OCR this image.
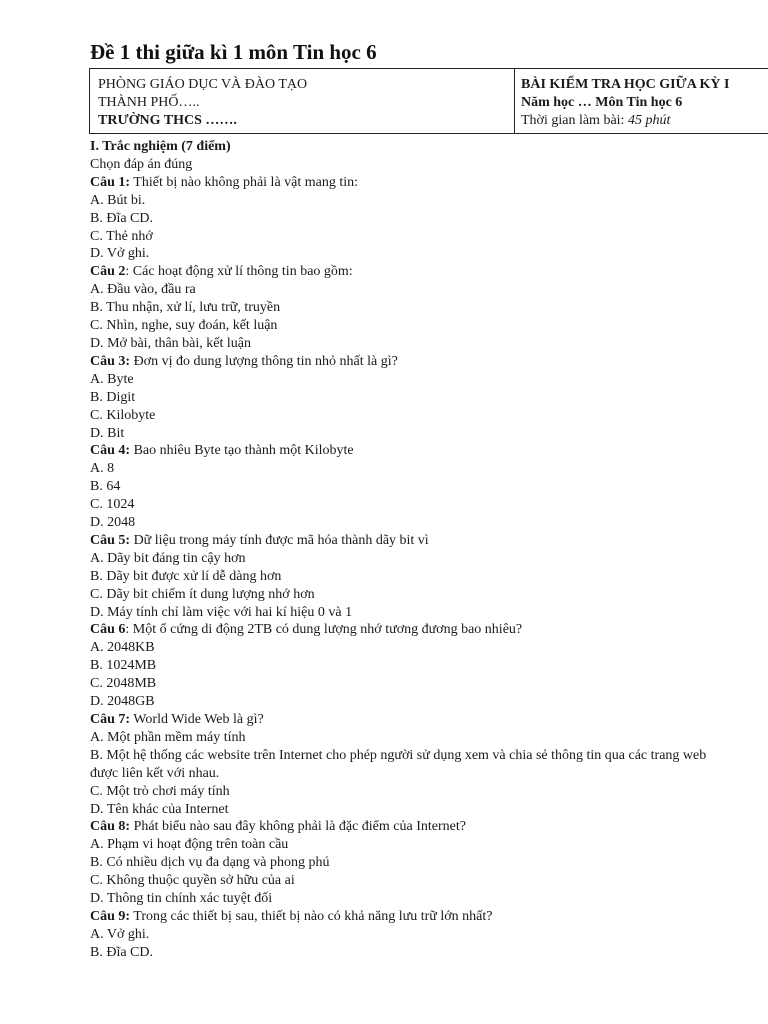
Đề 1 thi giữa kì 1 môn Tin học 6
PHÒNG GIÁO DỤC VÀ ĐÀO TẠO
THÀNH PHỐ…..
TRƯỜNG THCS …….
BÀI KIỂM TRA HỌC GIỮA KỲ I
Năm học … Môn Tin học 6
Thời gian làm bài: 45 phút
I. Trắc nghiệm (7 điểm)
Chọn đáp án đúng
Câu 1: Thiết bị nào không phải là vật mang tin:
A. Bút bi.
B. Đĩa CD.
C. Thẻ nhớ
D. Vở ghi.
Câu 2: Các hoạt động xử lí thông tin bao gồm:
A. Đầu vào, đầu ra
B. Thu nhận, xử lí, lưu trữ, truyền
C. Nhìn, nghe, suy đoán, kết luận
D. Mở bài, thân bài, kết luận
Câu 3: Đơn vị đo dung lượng thông tin nhỏ nhất là gì?
A. Byte
B. Digit
C. Kilobyte
D. Bit
Câu 4: Bao nhiêu Byte tạo thành một Kilobyte
A. 8
B. 64
C. 1024
D. 2048
Câu 5: Dữ liệu trong máy tính được mã hóa thành dãy bit vì
A. Dãy bit đáng tin cậy hơn
B. Dãy bit được xử lí dễ dàng hơn
C. Dãy bit chiếm ít dung lượng nhớ hơn
D. Máy tính chỉ làm việc với hai kí hiệu 0 và 1
Câu 6: Một ổ cứng di động 2TB có dung lượng nhớ tương đương bao nhiêu?
A. 2048KB
B. 1024MB
C. 2048MB
D. 2048GB
Câu 7: World Wide Web là gì?
A. Một phần mềm máy tính
B. Một hệ thống các website trên Internet cho phép người sử dụng xem và chia sẻ thông tin qua các trang web được liên kết với nhau.
C. Một trò chơi máy tính
D. Tên khác của Internet
Câu 8: Phát biểu nào sau đây không phải là đặc điểm của Internet?
A. Phạm vi hoạt động trên toàn cầu
B. Có nhiều dịch vụ đa dạng và phong phú
C. Không thuộc quyền sở hữu của ai
D. Thông tin chính xác tuyệt đối
Câu 9: Trong các thiết bị sau, thiết bị nào có khả năng lưu trữ lớn nhất?
A. Vở ghi.
B. Đĩa CD.
